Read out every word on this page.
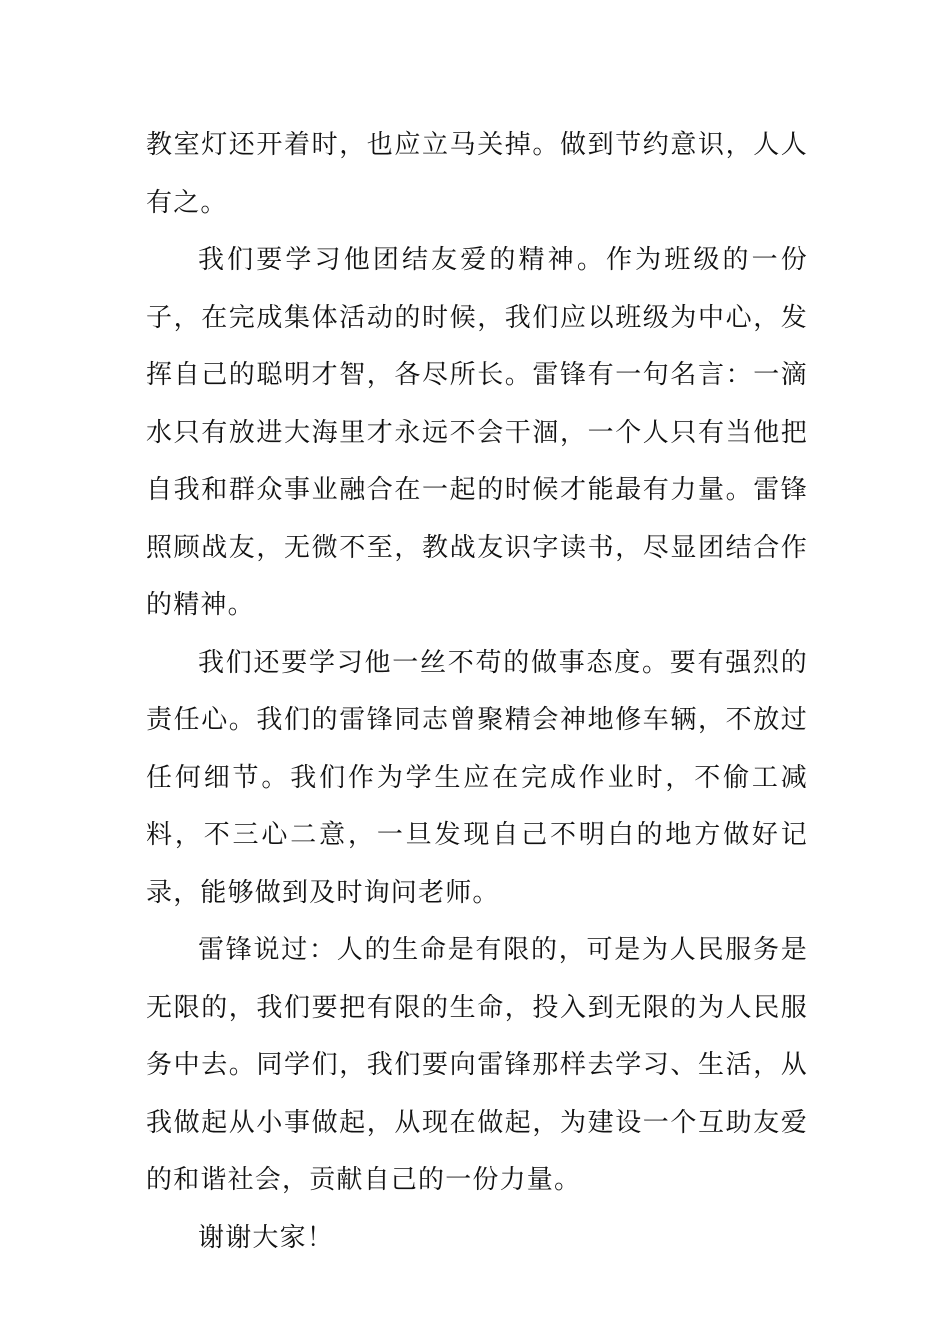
教室灯还开着时，也应立马关掉。做到节约意识，人人有之。

我们要学习他团结友爱的精神。作为班级的一份子，在完成集体活动的时候，我们应以班级为中心，发挥自己的聪明才智，各尽所长。雷锋有一句名言：一滴水只有放进大海里才永远不会干涸，一个人只有当他把自我和群众事业融合在一起的时候才能最有力量。雷锋照顾战友，无微不至，教战友识字读书，尽显团结合作的精神。

我们还要学习他一丝不苟的做事态度。要有强烈的责任心。我们的雷锋同志曾聚精会神地修车辆，不放过任何细节。我们作为学生应在完成作业时，不偷工减料，不三心二意，一旦发现自己不明白的地方做好记录，能够做到及时询问老师。

雷锋说过：人的生命是有限的，可是为人民服务是无限的，我们要把有限的生命，投入到无限的为人民服务中去。同学们，我们要向雷锋那样去学习、生活，从我做起从小事做起，从现在做起，为建设一个互助友爱的和谐社会，贡献自己的一份力量。

谢谢大家！
